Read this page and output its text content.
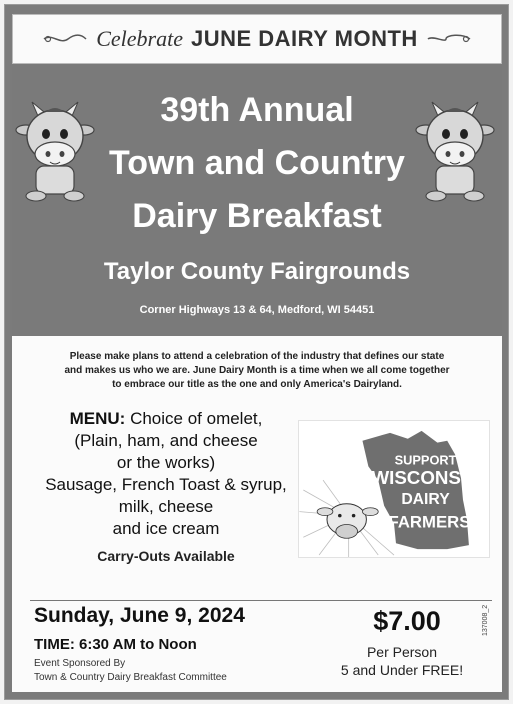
Celebrate JUNE DAIRY MONTH
39th Annual
Town and Country
Dairy Breakfast
Taylor County Fairgrounds
Corner Highways 13 & 64, Medford, WI 54451
Please make plans to attend a celebration of the industry that defines our state
and makes us who we are. June Dairy Month is a time when we all come together
to embrace our title as the one and only America's Dairyland.
MENU: Choice of omelet,
(Plain, ham, and cheese
or the works)
Sausage, French Toast & syrup,
milk, cheese
and ice cream
Carry-Outs Available
SUPPORT
WISCONSIN
DAIRY
FARMERS
Sunday, June 9, 2024
TIME: 6:30 AM to Noon
Event Sponsored By
Town & Country Dairy Breakfast Committee
$7.00
Per Person
5 and Under FREE!
137008_2
